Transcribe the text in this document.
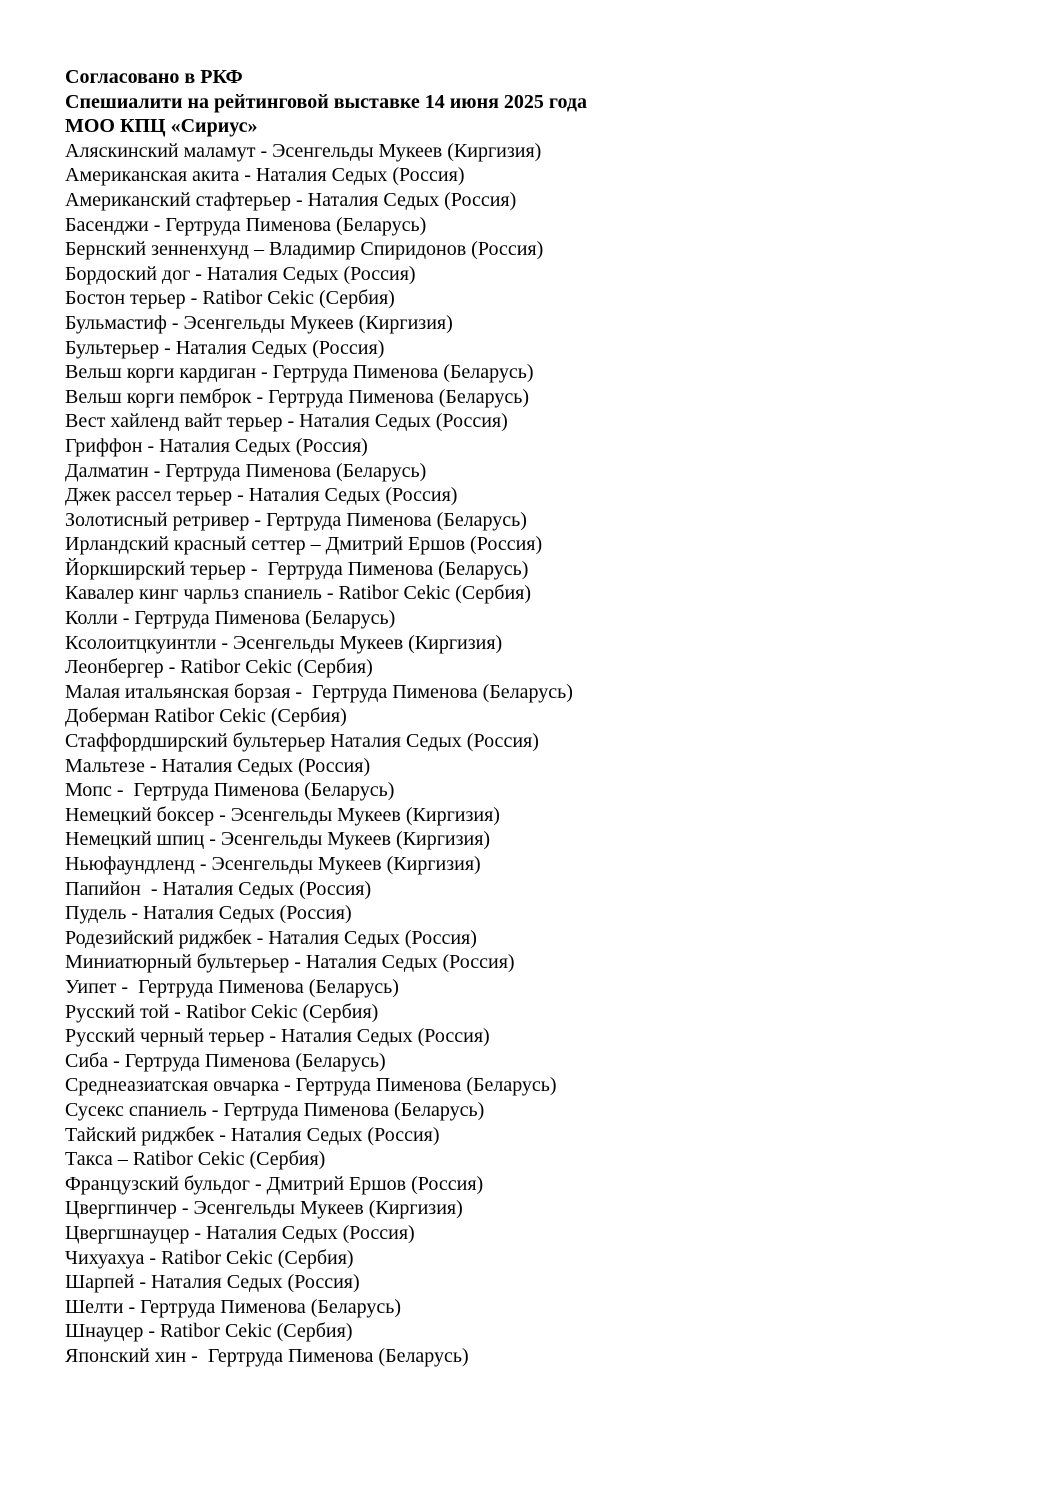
Согласовано в РКФ
Спешиалити на рейтинговой выставке 14 июня 2025 года
МОО КПЦ «Сириус»
Аляскинский маламут - Эсенгельды Мукеев (Киргизия)
Американская акита - Наталия Седых (Россия)
Американский стафтерьер - Наталия Седых (Россия)
Басенджи - Гертруда Пименова (Беларусь)
Бернский зенненхунд – Владимир Спиридонов (Россия)
Бордоский дог - Наталия Седых (Россия)
Бостон терьер - Ratibor Cekic (Сербия)
Бульмастиф - Эсенгельды Мукеев (Киргизия)
Бультерьер - Наталия Седых (Россия)
Вельш корги кардиган - Гертруда Пименова (Беларусь)
Вельш корги пемброк - Гертруда Пименова (Беларусь)
Вест хайленд вайт терьер - Наталия Седых (Россия)
Гриффон - Наталия Седых (Россия)
Далматин - Гертруда Пименова (Беларусь)
Джек рассел терьер - Наталия Седых (Россия)
Золотисный ретривер - Гертруда Пименова (Беларусь)
Ирландский красный сеттер – Дмитрий Ершов (Россия)
Йоркширский терьер -  Гертруда Пименова (Беларусь)
Кавалер кинг чарльз спаниель - Ratibor Cekic (Сербия)
Колли - Гертруда Пименова (Беларусь)
Ксолоитцкуинтли - Эсенгельды Мукеев (Киргизия)
Леонбергер - Ratibor Cekic (Сербия)
Малая итальянская борзая -  Гертруда Пименова (Беларусь)
Доберман Ratibor Cekic (Сербия)
Стаффордширский бультерьер Наталия Седых (Россия)
Мальтезе - Наталия Седых (Россия)
Мопс -  Гертруда Пименова (Беларусь)
Немецкий боксер - Эсенгельды Мукеев (Киргизия)
Немецкий шпиц - Эсенгельды Мукеев (Киргизия)
Ньюфаундленд - Эсенгельды Мукеев (Киргизия)
Папийон  - Наталия Седых (Россия)
Пудель - Наталия Седых (Россия)
Родезийский риджбек - Наталия Седых (Россия)
Миниатюрный бультерьер - Наталия Седых (Россия)
Уипет -  Гертруда Пименова (Беларусь)
Русский той - Ratibor Cekic (Сербия)
Русский черный терьер - Наталия Седых (Россия)
Сиба - Гертруда Пименова (Беларусь)
Среднеазиатская овчарка - Гертруда Пименова (Беларусь)
Сусекс спаниель - Гертруда Пименова (Беларусь)
Тайский риджбек - Наталия Седых (Россия)
Такса – Ratibor Cekic (Сербия)
Французский бульдог - Дмитрий Ершов (Россия)
Цвергпинчер - Эсенгельды Мукеев (Киргизия)
Цвергшнауцер - Наталия Седых (Россия)
Чихуахуа - Ratibor Cekic (Сербия)
Шарпей - Наталия Седых (Россия)
Шелти - Гертруда Пименова (Беларусь)
Шнауцер - Ratibor Cekic (Сербия)
Японский хин -  Гертруда Пименова (Беларусь)
